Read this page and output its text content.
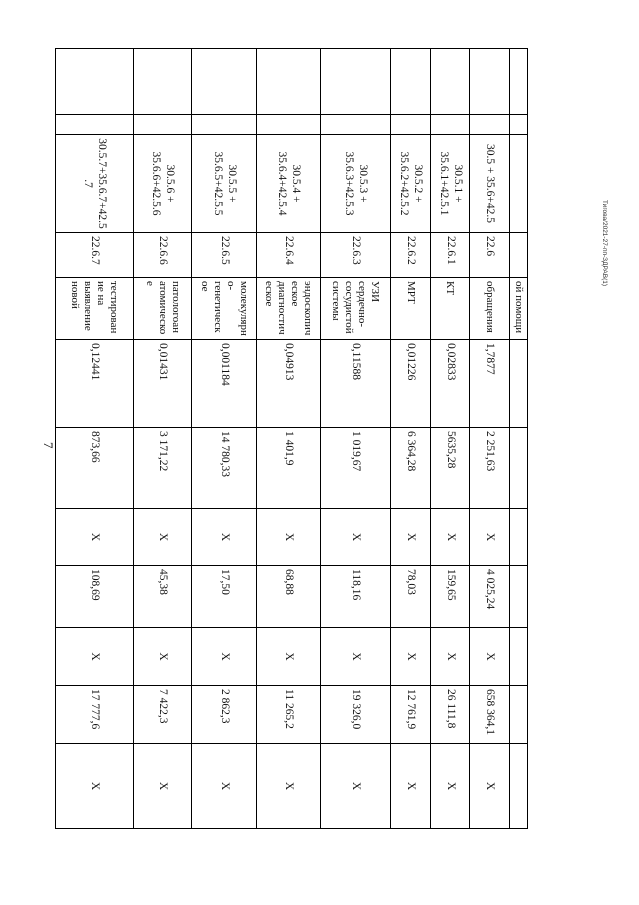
Тигова/2021-27-пп-ЗДРАВ(1)
7
				ой помощи							
		30.5 + 35.6+42.5	22.6	обращения	1,7877	2 251,63	Х	4 025,24	Х	658 364,1	Х
		30.5.1 + 35.6.1+42.5.1	22.6.1	КТ	0,02833	5635,28	Х	159,65	Х	26 111,8	Х
		30.5.2 + 35.6.2+42.5.2	22.6.2	МРТ	0,01226	6 364,28	Х	78,03	Х	12 761,9	Х
		30.5.3 + 35.6.3+42.5.3	22.6.3	УЗИ сердечно-сосудистой системы	0,11588	1 019,67	Х	118,16	Х	19 326,0	Х
		30.5.4 + 35.6.4+42.5.4	22.6.4	эндоскопическое диагностическое	0,04913	1 401,9	Х	68,88	Х	11 265,2	Х
		30.5.5 + 35.6.5+42.5.5	22.6.5	молекулярно-генетическое	0,001184	14 780,33	Х	17,50	Х	2 862,3	Х
		30.5.6 + 35.6.6+42.5.6	22.6.6	патологоанатомическое	0,01431	3 171,22	Х	45,38	Х	7 422,3	Х
		30.5.7+35.6.7+42.5.7	22.6.7	тестирование на выявление новой	0,12441	873,66	Х	108,69	Х	17 777,6	Х
